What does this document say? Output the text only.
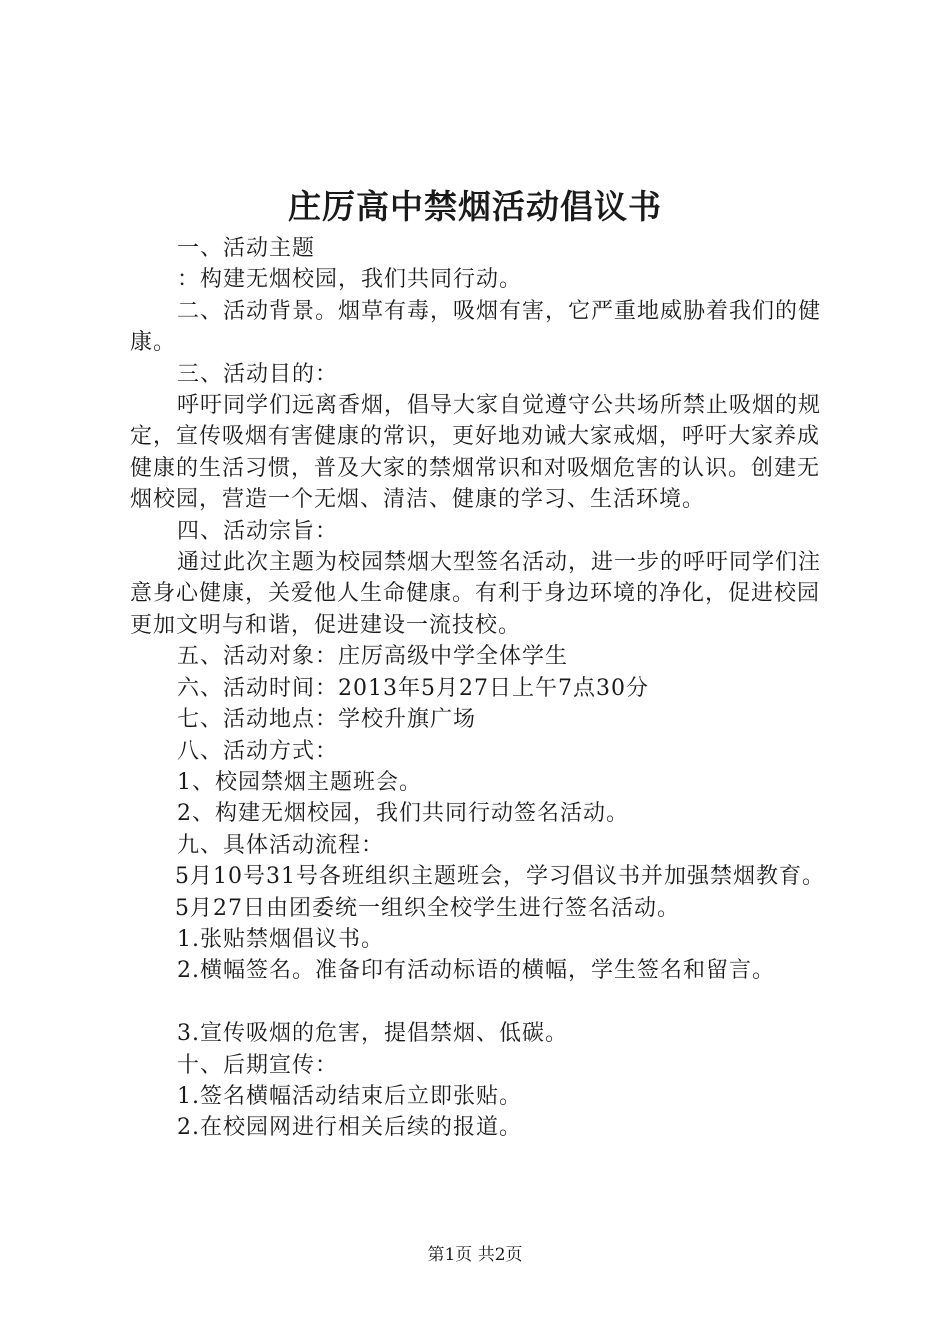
庄厉高中禁烟活动倡议书

一、活动主题

：构建无烟校园，我们共同行动。

二、活动背景。烟草有毒，吸烟有害，它严重地威胁着我们的健康。

三、活动目的：

呼吁同学们远离香烟，倡导大家自觉遵守公共场所禁止吸烟的规定，宣传吸烟有害健康的常识，更好地劝诫大家戒烟，呼吁大家养成健康的生活习惯，普及大家的禁烟常识和对吸烟危害的认识。创建无烟校园，营造一个无烟、清洁、健康的学习、生活环境。

四、活动宗旨：

通过此次主题为校园禁烟大型签名活动，进一步的呼吁同学们注意身心健康，关爱他人生命健康。有利于身边环境的净化，促进校园更加文明与和谐，促进建设一流技校。

五、活动对象：庄厉高级中学全体学生

六、活动时间：2013年5月27日上午7点30分

七、活动地点：学校升旗广场

八、活动方式：

1、校园禁烟主题班会。

2、构建无烟校园，我们共同行动签名活动。

九、具体活动流程：

5月10号31号各班组织主题班会，学习倡议书并加强禁烟教育。

5月27日由团委统一组织全校学生进行签名活动。

1.张贴禁烟倡议书。

2.横幅签名。准备印有活动标语的横幅，学生签名和留言。

3.宣传吸烟的危害，提倡禁烟、低碳。

十、后期宣传：

1.签名横幅活动结束后立即张贴。

2.在校园网进行相关后续的报道。

第1页 共2页
